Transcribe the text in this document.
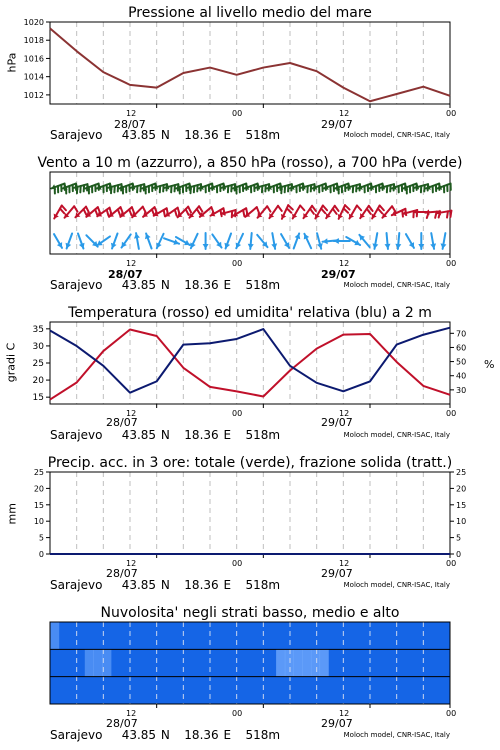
Pressione al livello medio del mare
hPa
1012
1014
1016
1018
1020
12	00	12	00
28/07	29/07
Sarajevo 43.85 N 18.36 E 518m	Moloch model, CNR-ISAC, Italy
Vento a 10 m (azzurro), a 850 hPa (rosso), a 700 hPa (verde)
12	00	12	00
28/07	29/07
Sarajevo 43.85 N 18.36 E 518m	Moloch model, CNR-ISAC, Italy
Temperatura (rosso) ed umidita' relativa (blu) a 2 m
gradi C	%
15
20
25
30
35
30
40
50
60
70
12	00	12	00
28/07	29/07
Sarajevo 43.85 N 18.36 E 518m	Moloch model, CNR-ISAC, Italy
Precip. acc. in 3 ore: totale (verde), frazione solida (tratt.)
mm
0
5
10
15
20
25
0
5
10
15
20
25
12	00	12	00
28/07	29/07
Sarajevo 43.85 N 18.36 E 518m	Moloch model, CNR-ISAC, Italy
Nuvolosita' negli strati basso, medio e alto
12	00	12	00
28/07	29/07
Sarajevo 43.85 N 18.36 E 518m	Moloch model, CNR-ISAC, Italy
